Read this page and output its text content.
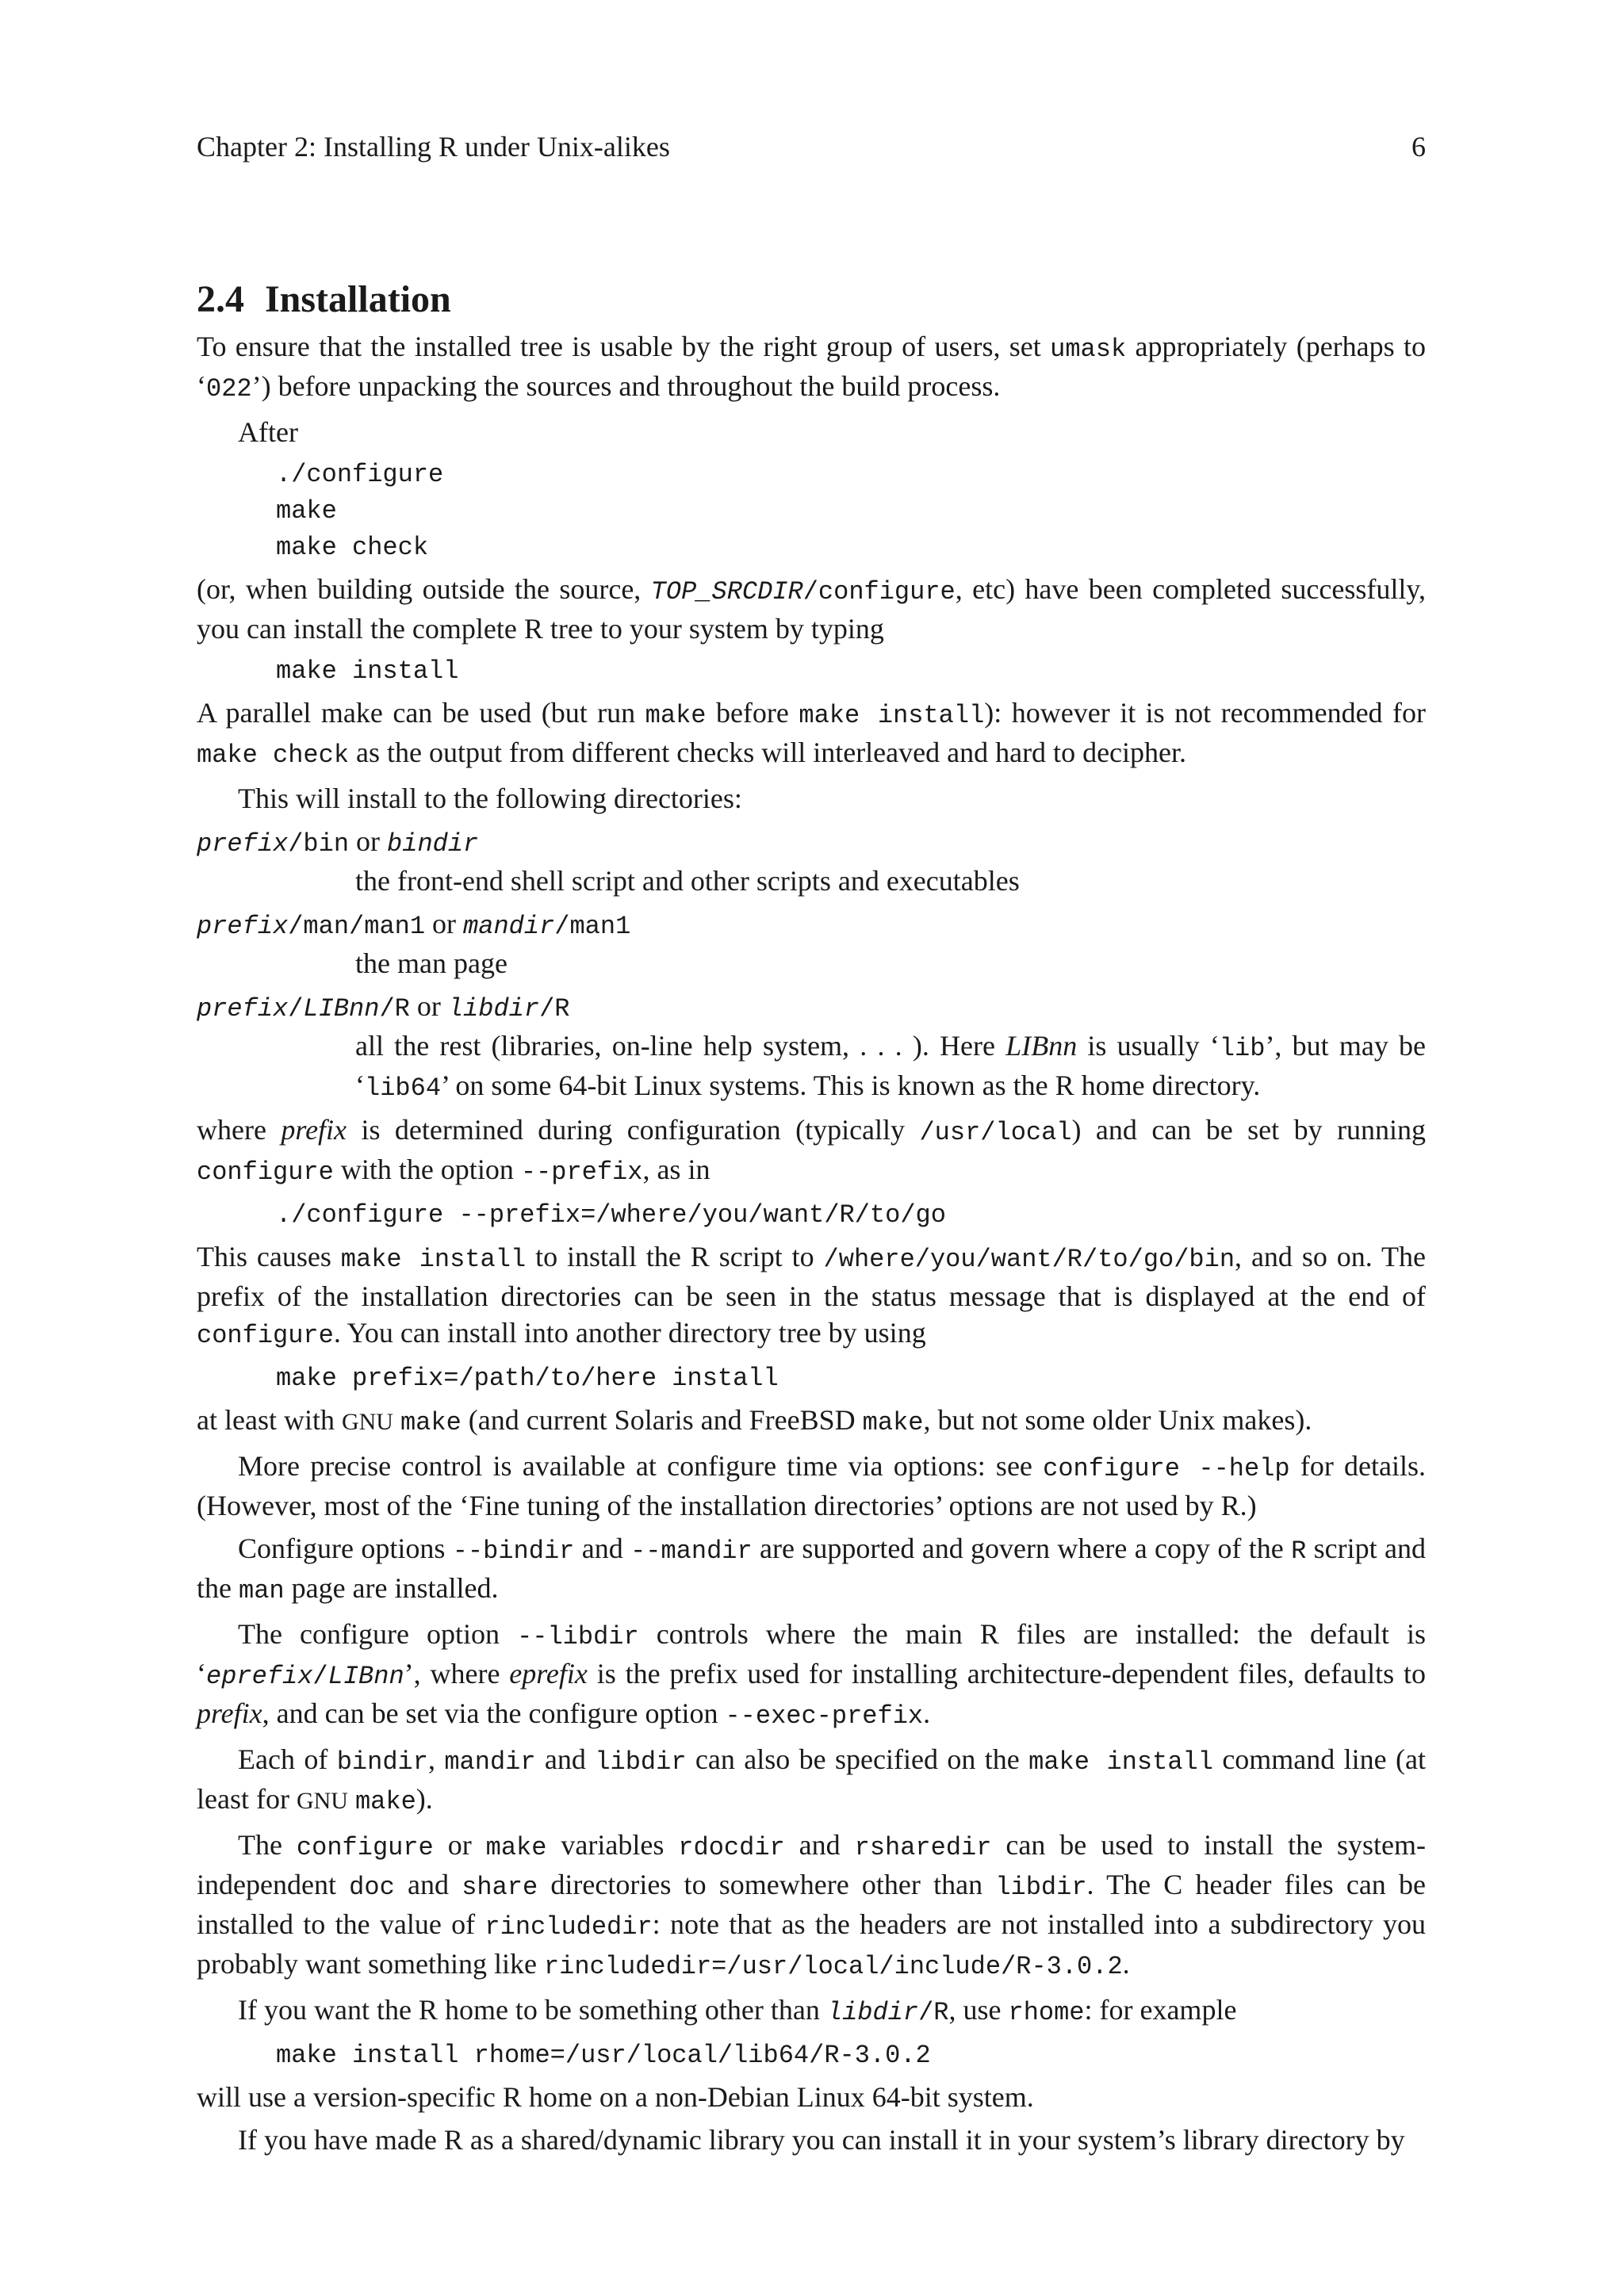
Chapter 2: Installing R under Unix-alikes	6
2.4 Installation

To ensure that the installed tree is usable by the right group of users, set umask appropriately (perhaps to ‘022’) before unpacking the sources and throughout the build process.

After

./configure
make
make check

(or, when building outside the source, TOP_SRCDIR/configure, etc) have been completed successfully, you can install the complete R tree to your system by typing

make install

A parallel make can be used (but run make before make install): however it is not recommended for make check as the output from different checks will interleaved and hard to decipher.

This will install to the following directories:

prefix/bin or bindir
the front-end shell script and other scripts and executables
prefix/man/man1 or mandir/man1
the man page
prefix/LIBnn/R or libdir/R
all the rest (libraries, on-line help system, . . . ). Here LIBnn is usually ‘lib’, but may be ‘lib64’ on some 64-bit Linux systems. This is known as the R home directory.

where prefix is determined during configuration (typically /usr/local) and can be set by running configure with the option --prefix, as in

./configure --prefix=/where/you/want/R/to/go

This causes make install to install the R script to /where/you/want/R/to/go/bin, and so on. The prefix of the installation directories can be seen in the status message that is displayed at the end of configure. You can install into another directory tree by using

make prefix=/path/to/here install

at least with GNU make (and current Solaris and FreeBSD make, but not some older Unix makes).

More precise control is available at configure time via options: see configure --help for details. (However, most of the ‘Fine tuning of the installation directories’ options are not used by R.)

Configure options --bindir and --mandir are supported and govern where a copy of the R script and the man page are installed.

The configure option --libdir controls where the main R files are installed: the default is ‘eprefix/LIBnn’, where eprefix is the prefix used for installing architecture-dependent files, defaults to prefix, and can be set via the configure option --exec-prefix.

Each of bindir, mandir and libdir can also be specified on the make install command line (at least for GNU make).

The configure or make variables rdocdir and rsharedir can be used to install the system-independent doc and share directories to somewhere other than libdir. The C header files can be installed to the value of rincludedir: note that as the headers are not installed into a subdirectory you probably want something like rincludedir=/usr/local/include/R-3.0.2.

If you want the R home to be something other than libdir/R, use rhome: for example

make install rhome=/usr/local/lib64/R-3.0.2

will use a version-specific R home on a non-Debian Linux 64-bit system.

If you have made R as a shared/dynamic library you can install it in your system’s library directory by
